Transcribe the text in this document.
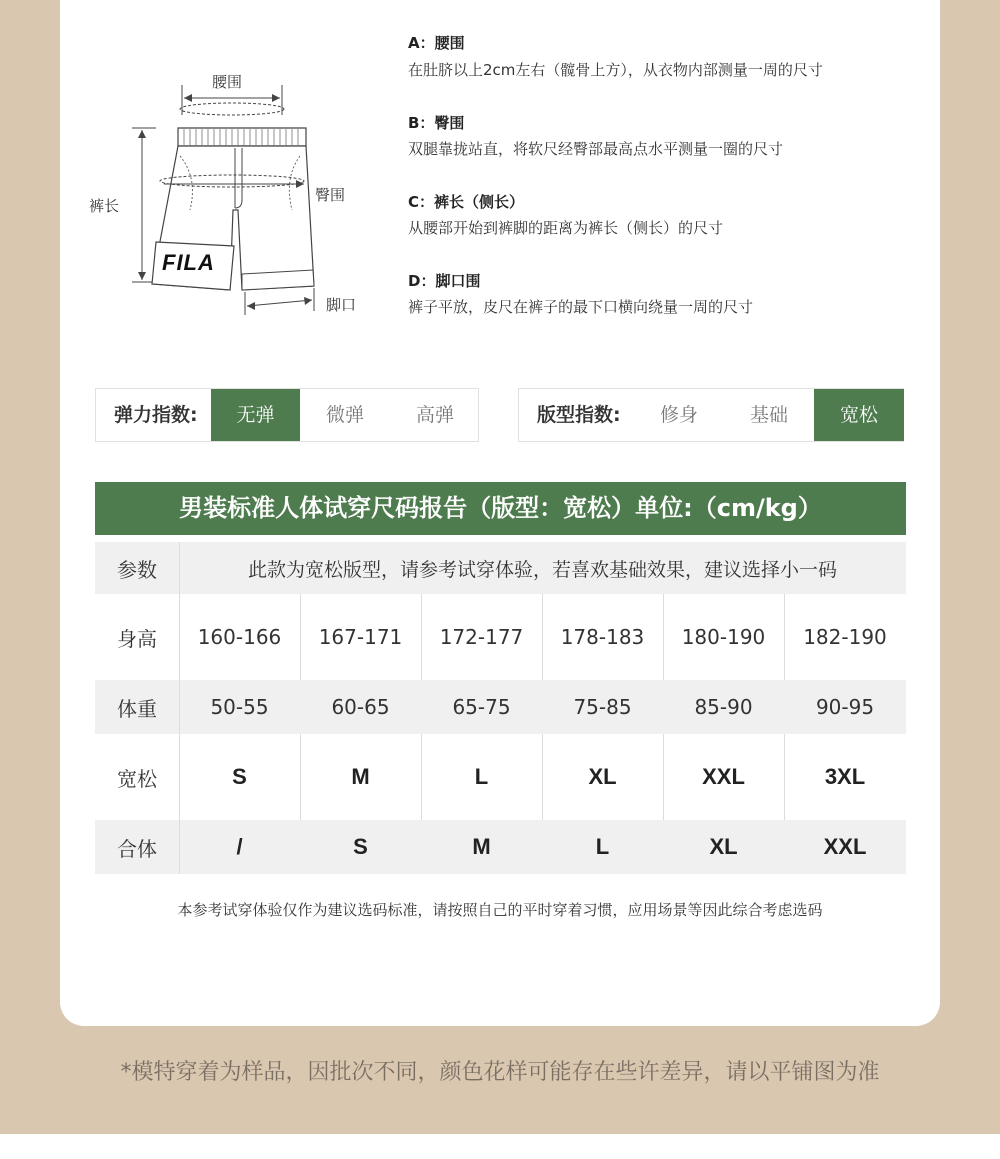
FILA
腰围
臀围
裤长
脚口
A：腰围
在肚脐以上2cm左右（髋骨上方），从衣物内部测量一周的尺寸
B：臀围
双腿靠拢站直，将软尺经臀部最高点水平测量一圈的尺寸
C：裤长（侧长）
从腰部开始到裤脚的距离为裤长（侧长）的尺寸
D：脚口围
裤子平放，皮尺在裤子的最下口横向绕量一周的尺寸
弹力指数:	无弹	微弹	高弹	版型指数:	修身	基础	宽松
男装标准人体试穿尺码报告（版型：宽松）单位:（cm/kg）
参数	此款为宽松版型，请参考试穿体验，若喜欢基础效果，建议选择小一码
身高	160-166	167-171	172-177	178-183	180-190	182-190
体重	50-55	60-65	65-75	75-85	85-90	90-95
宽松	S	M	L	XL	XXL	3XL
合体	/	S	M	L	XL	XXL
本参考试穿体验仅作为建议选码标准，请按照自己的平时穿着习惯，应用场景等因此综合考虑选码
*模特穿着为样品，因批次不同，颜色花样可能存在些许差异，请以平铺图为准
